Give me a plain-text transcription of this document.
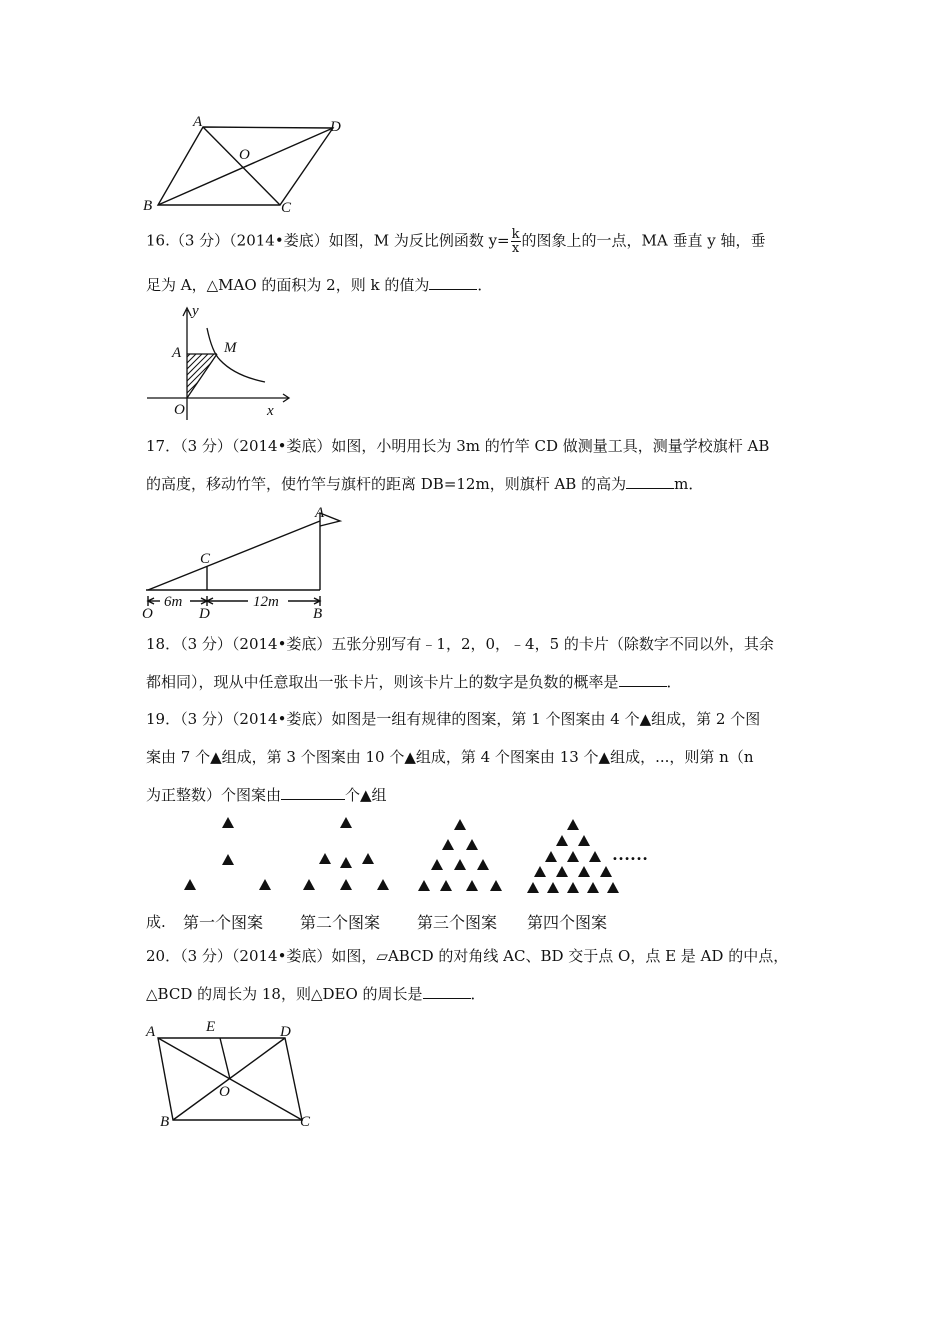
A	D
O
B	C
16.（3 分）（2014•娄底）如图，M 为反比例函数 $y= \frac{k}{x}$ 的图象上的一点，MA 垂直 y 轴，垂
足为 A，△MAO 的面积为 2，则 k 的值为	．
y
A	M
O	x
17．（3 分）（2014•娄底）如图，小明用长为 3m 的竹竿 CD 做测量工具，测量学校旗杆 AB
的高度，移动竹竿，使竹竿与旗杆的距离 DB=12m，则旗杆 AB 的高为	m．
A
C
O	D	B
6m	12m
18．（3 分）（2014•娄底）五张分别写有﹣1，2，0，﹣4，5 的卡片（除数字不同以外，其余
都相同），现从中任意取出一张卡片，则该卡片上的数字是负数的概率是	．
19．（3 分）（2014•娄底）如图是一组有规律的图案，第 1 个图案由 4 个▲组成，第 2 个图
案由 7 个▲组成，第 3 个图案由 10 个▲组成，第 4 个图案由 13 个▲组成，...，则第 n（n
为正整数）个图案由	个▲组
……
成. 第一个图案 第二个图案 第三个图案 第四个图案
20．（3 分）（2014•娄底）如图，▱ABCD 的对角线 AC、BD 交于点 O，点 E 是 AD 的中点，
△BCD 的周长为 18，则△DEO 的周长是	．
A	E	D
O
B	C
